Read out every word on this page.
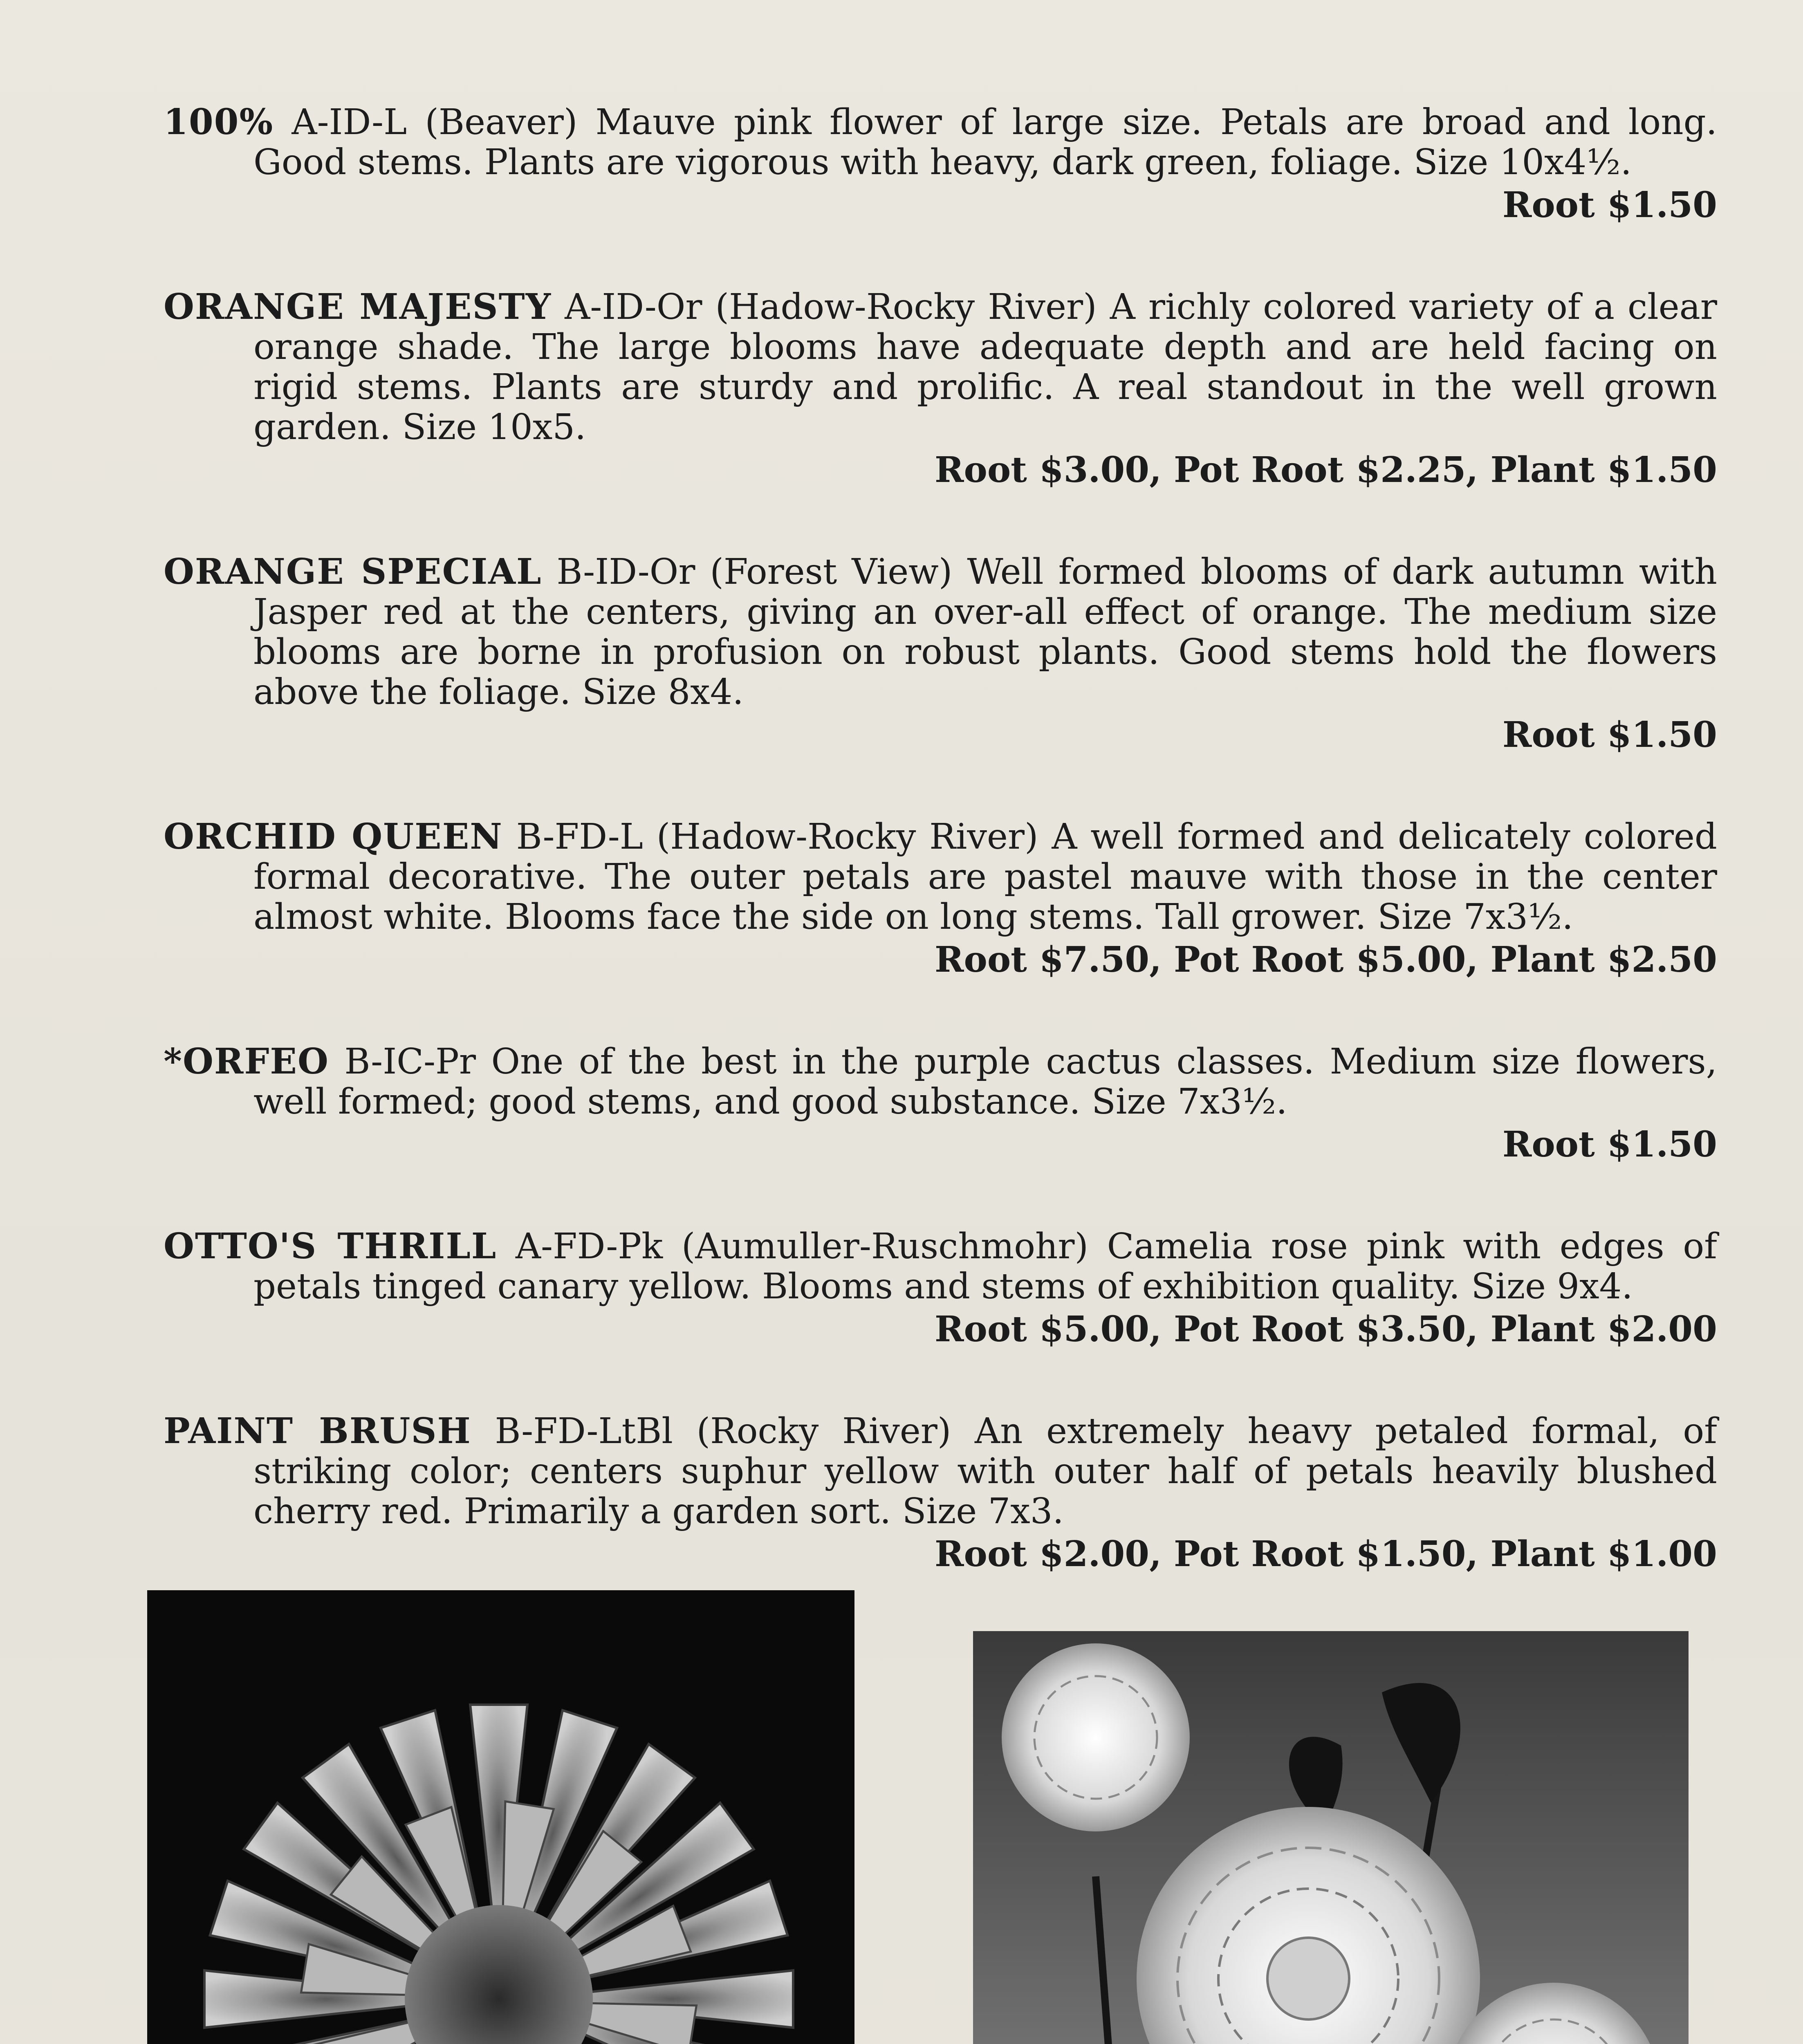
100% A-ID-L (Beaver) Mauve pink flower of large size. Petals are broad and long. Good stems. Plants are vigorous with heavy, dark green, foliage. Size 10x4½.

Root $1.50

ORANGE MAJESTY A-ID-Or (Hadow-Rocky River) A richly colored variety of a clear orange shade. The large blooms have adequate depth and are held facing on rigid stems. Plants are sturdy and prolific. A real standout in the well grown garden. Size 10x5.

Root $3.00, Pot Root $2.25, Plant $1.50

ORANGE SPECIAL B-ID-Or (Forest View) Well formed blooms of dark autumn with Jasper red at the centers, giving an over-all effect of orange. The medium size blooms are borne in profusion on robust plants. Good stems hold the flowers above the foliage. Size 8x4.

Root $1.50

ORCHID QUEEN B-FD-L (Hadow-Rocky River) A well formed and delicately colored formal decorative. The outer petals are pastel mauve with those in the center almost white. Blooms face the side on long stems. Tall grower. Size 7x3½.

Root $7.50, Pot Root $5.00, Plant $2.50

*ORFEO B-IC-Pr One of the best in the purple cactus classes. Medium size flowers, well formed; good stems, and good substance. Size 7x3½.

Root $1.50

OTTO'S THRILL A-FD-Pk (Aumuller-Ruschmohr) Camelia rose pink with edges of petals tinged canary yellow. Blooms and stems of exhibition quality. Size 9x4.

Root $5.00, Pot Root $3.50, Plant $2.00

PAINT BRUSH B-FD-LtBl (Rocky River) An extremely heavy petaled formal, of striking color; centers suphur yellow with outer half of petals heavily blushed cherry red. Primarily a garden sort. Size 7x3.

Root $2.00, Pot Root $1.50, Plant $1.00
